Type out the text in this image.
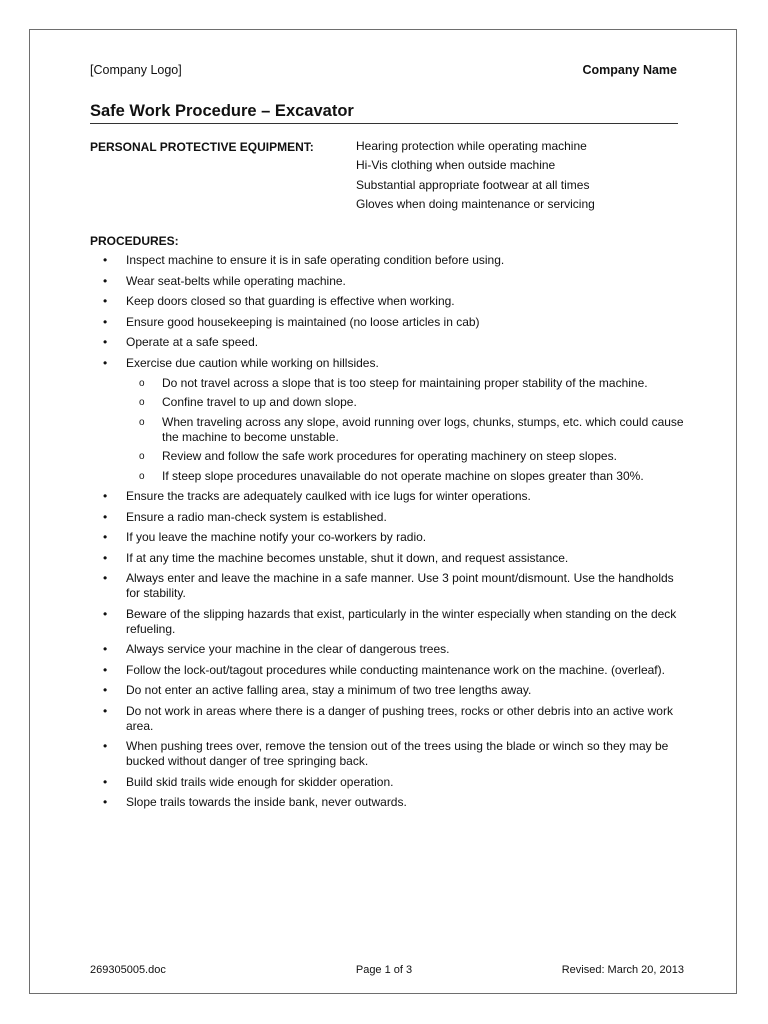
[Company Logo]	Company Name
Safe Work Procedure – Excavator
PERSONAL PROTECTIVE EQUIPMENT:	Hearing protection while operating machine
Hi-Vis clothing when outside machine
Substantial appropriate footwear at all times
Gloves when doing maintenance or servicing
PROCEDURES:
• Inspect machine to ensure it is in safe operating condition before using.
• Wear seat-belts while operating machine.
• Keep doors closed so that guarding is effective when working.
• Ensure good housekeeping is maintained (no loose articles in cab)
• Operate at a safe speed.
• Exercise due caution while working on hillsides.
o Do not travel across a slope that is too steep for maintaining proper stability of the machine.
o Confine travel to up and down slope.
o When traveling across any slope, avoid running over logs, chunks, stumps, etc. which could cause the machine to become unstable.
o Review and follow the safe work procedures for operating machinery on steep slopes.
o If steep slope procedures unavailable do not operate machine on slopes greater than 30%.
• Ensure the tracks are adequately caulked with ice lugs for winter operations.
• Ensure a radio man-check system is established.
• If you leave the machine notify your co-workers by radio.
• If at any time the machine becomes unstable, shut it down, and request assistance.
• Always enter and leave the machine in a safe manner. Use 3 point mount/dismount. Use the handholds for stability.
• Beware of the slipping hazards that exist, particularly in the winter especially when standing on the deck refueling.
• Always service your machine in the clear of dangerous trees.
• Follow the lock-out/tagout procedures while conducting maintenance work on the machine. (overleaf).
• Do not enter an active falling area, stay a minimum of two tree lengths away.
• Do not work in areas where there is a danger of pushing trees, rocks or other debris into an active work area.
• When pushing trees over, remove the tension out of the trees using the blade or winch so they may be bucked without danger of tree springing back.
• Build skid trails wide enough for skidder operation.
• Slope trails towards the inside bank, never outwards.
269305005.doc	Page 1 of 3	Revised: March 20, 2013
